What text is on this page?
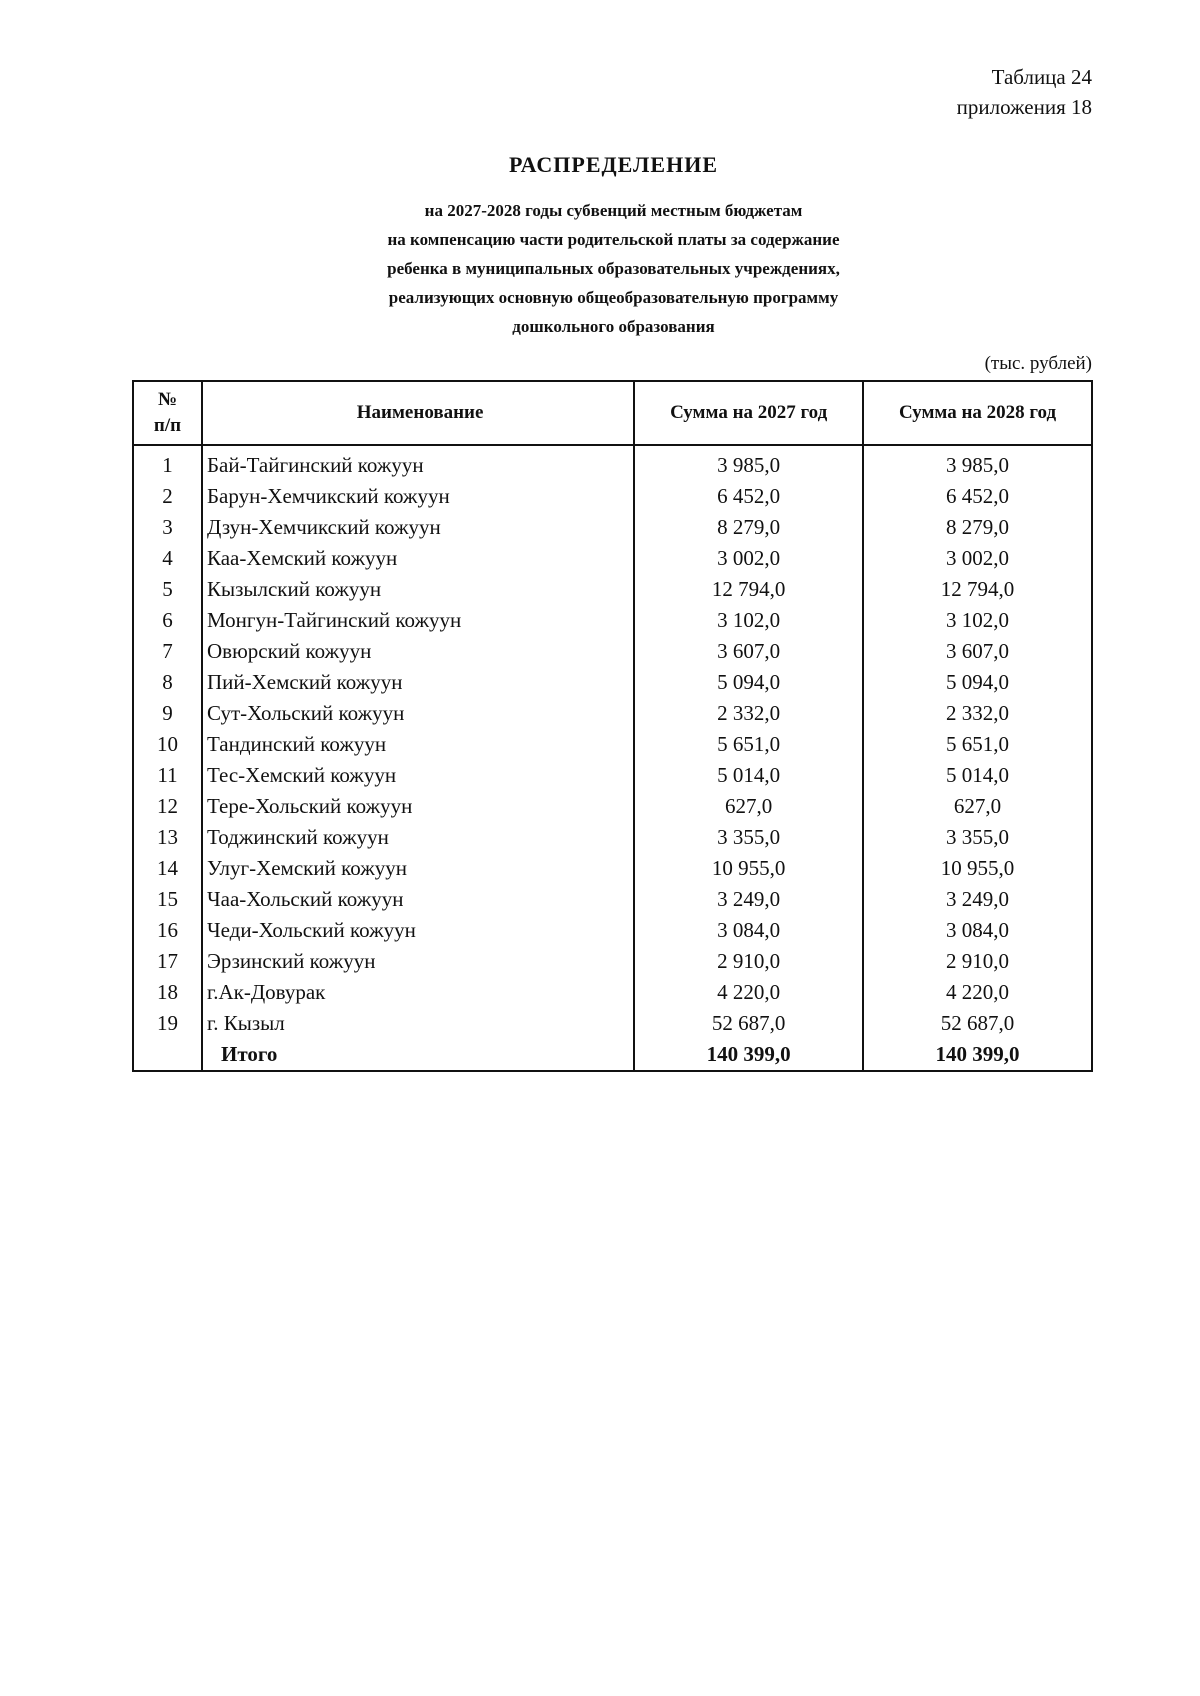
Таблица 24
приложения 18
РАСПРЕДЕЛЕНИЕ
на 2027-2028 годы субвенций местным бюджетам
на компенсацию части родительской платы за содержание
ребенка в муниципальных образовательных учреждениях,
реализующих основную общеобразовательную программу
дошкольного образования
(тыс. рублей)
№
п/п	Наименование	Сумма на 2027 год	Сумма на 2028 год
1	Бай-Тайгинский кожуун	3 985,0	3 985,0
2	Барун-Хемчикский кожуун	6 452,0	6 452,0
3	Дзун-Хемчикский кожуун	8 279,0	8 279,0
4	Каа-Хемский кожуун	3 002,0	3 002,0
5	Кызылский кожуун	12 794,0	12 794,0
6	Монгун-Тайгинский кожуун	3 102,0	3 102,0
7	Овюрский кожуун	3 607,0	3 607,0
8	Пий-Хемский кожуун	5 094,0	5 094,0
9	Сут-Хольский кожуун	2 332,0	2 332,0
10	Тандинский кожуун	5 651,0	5 651,0
11	Тес-Хемский кожуун	5 014,0	5 014,0
12	Тере-Хольский кожуун	627,0	627,0
13	Тоджинский кожуун	3 355,0	3 355,0
14	Улуг-Хемский кожуун	10 955,0	10 955,0
15	Чаа-Хольский кожуун	3 249,0	3 249,0
16	Чеди-Хольский кожуун	3 084,0	3 084,0
17	Эрзинский кожуун	2 910,0	2 910,0
18	г.Ак-Довурак	4 220,0	4 220,0
19	г. Кызыл	52 687,0	52 687,0
	Итого	140 399,0	140 399,0
